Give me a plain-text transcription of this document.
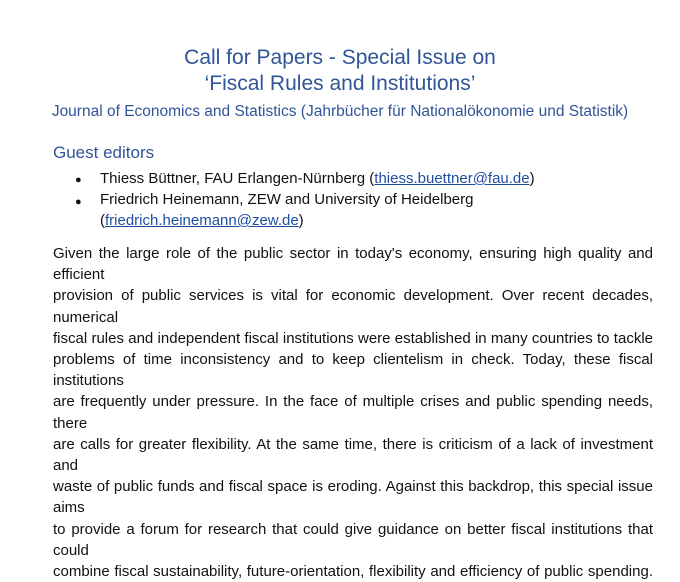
Call for Papers - Special Issue on
‘Fiscal Rules and Institutions’
Journal of Economics and Statistics (Jahrbücher für Nationalökonomie und Statistik)
Guest editors
● Thiess Büttner, FAU Erlangen-Nürnberg (thiess.buettner@fau.de)
● Friedrich Heinemann, ZEW and University of Heidelberg
(friedrich.heinemann@zew.de)
Given the large role of the public sector in today's economy, ensuring high quality and efficient
provision of public services is vital for economic development. Over recent decades, numerical
fiscal rules and independent fiscal institutions were established in many countries to tackle
problems of time inconsistency and to keep clientelism in check. Today, these fiscal institutions
are frequently under pressure. In the face of multiple crises and public spending needs, there
are calls for greater flexibility. At the same time, there is criticism of a lack of investment and
waste of public funds and fiscal space is eroding. Against this backdrop, this special issue aims
to provide a forum for research that could give guidance on better fiscal institutions that could
combine fiscal sustainability, future-orientation, flexibility and efficiency of public spending.
